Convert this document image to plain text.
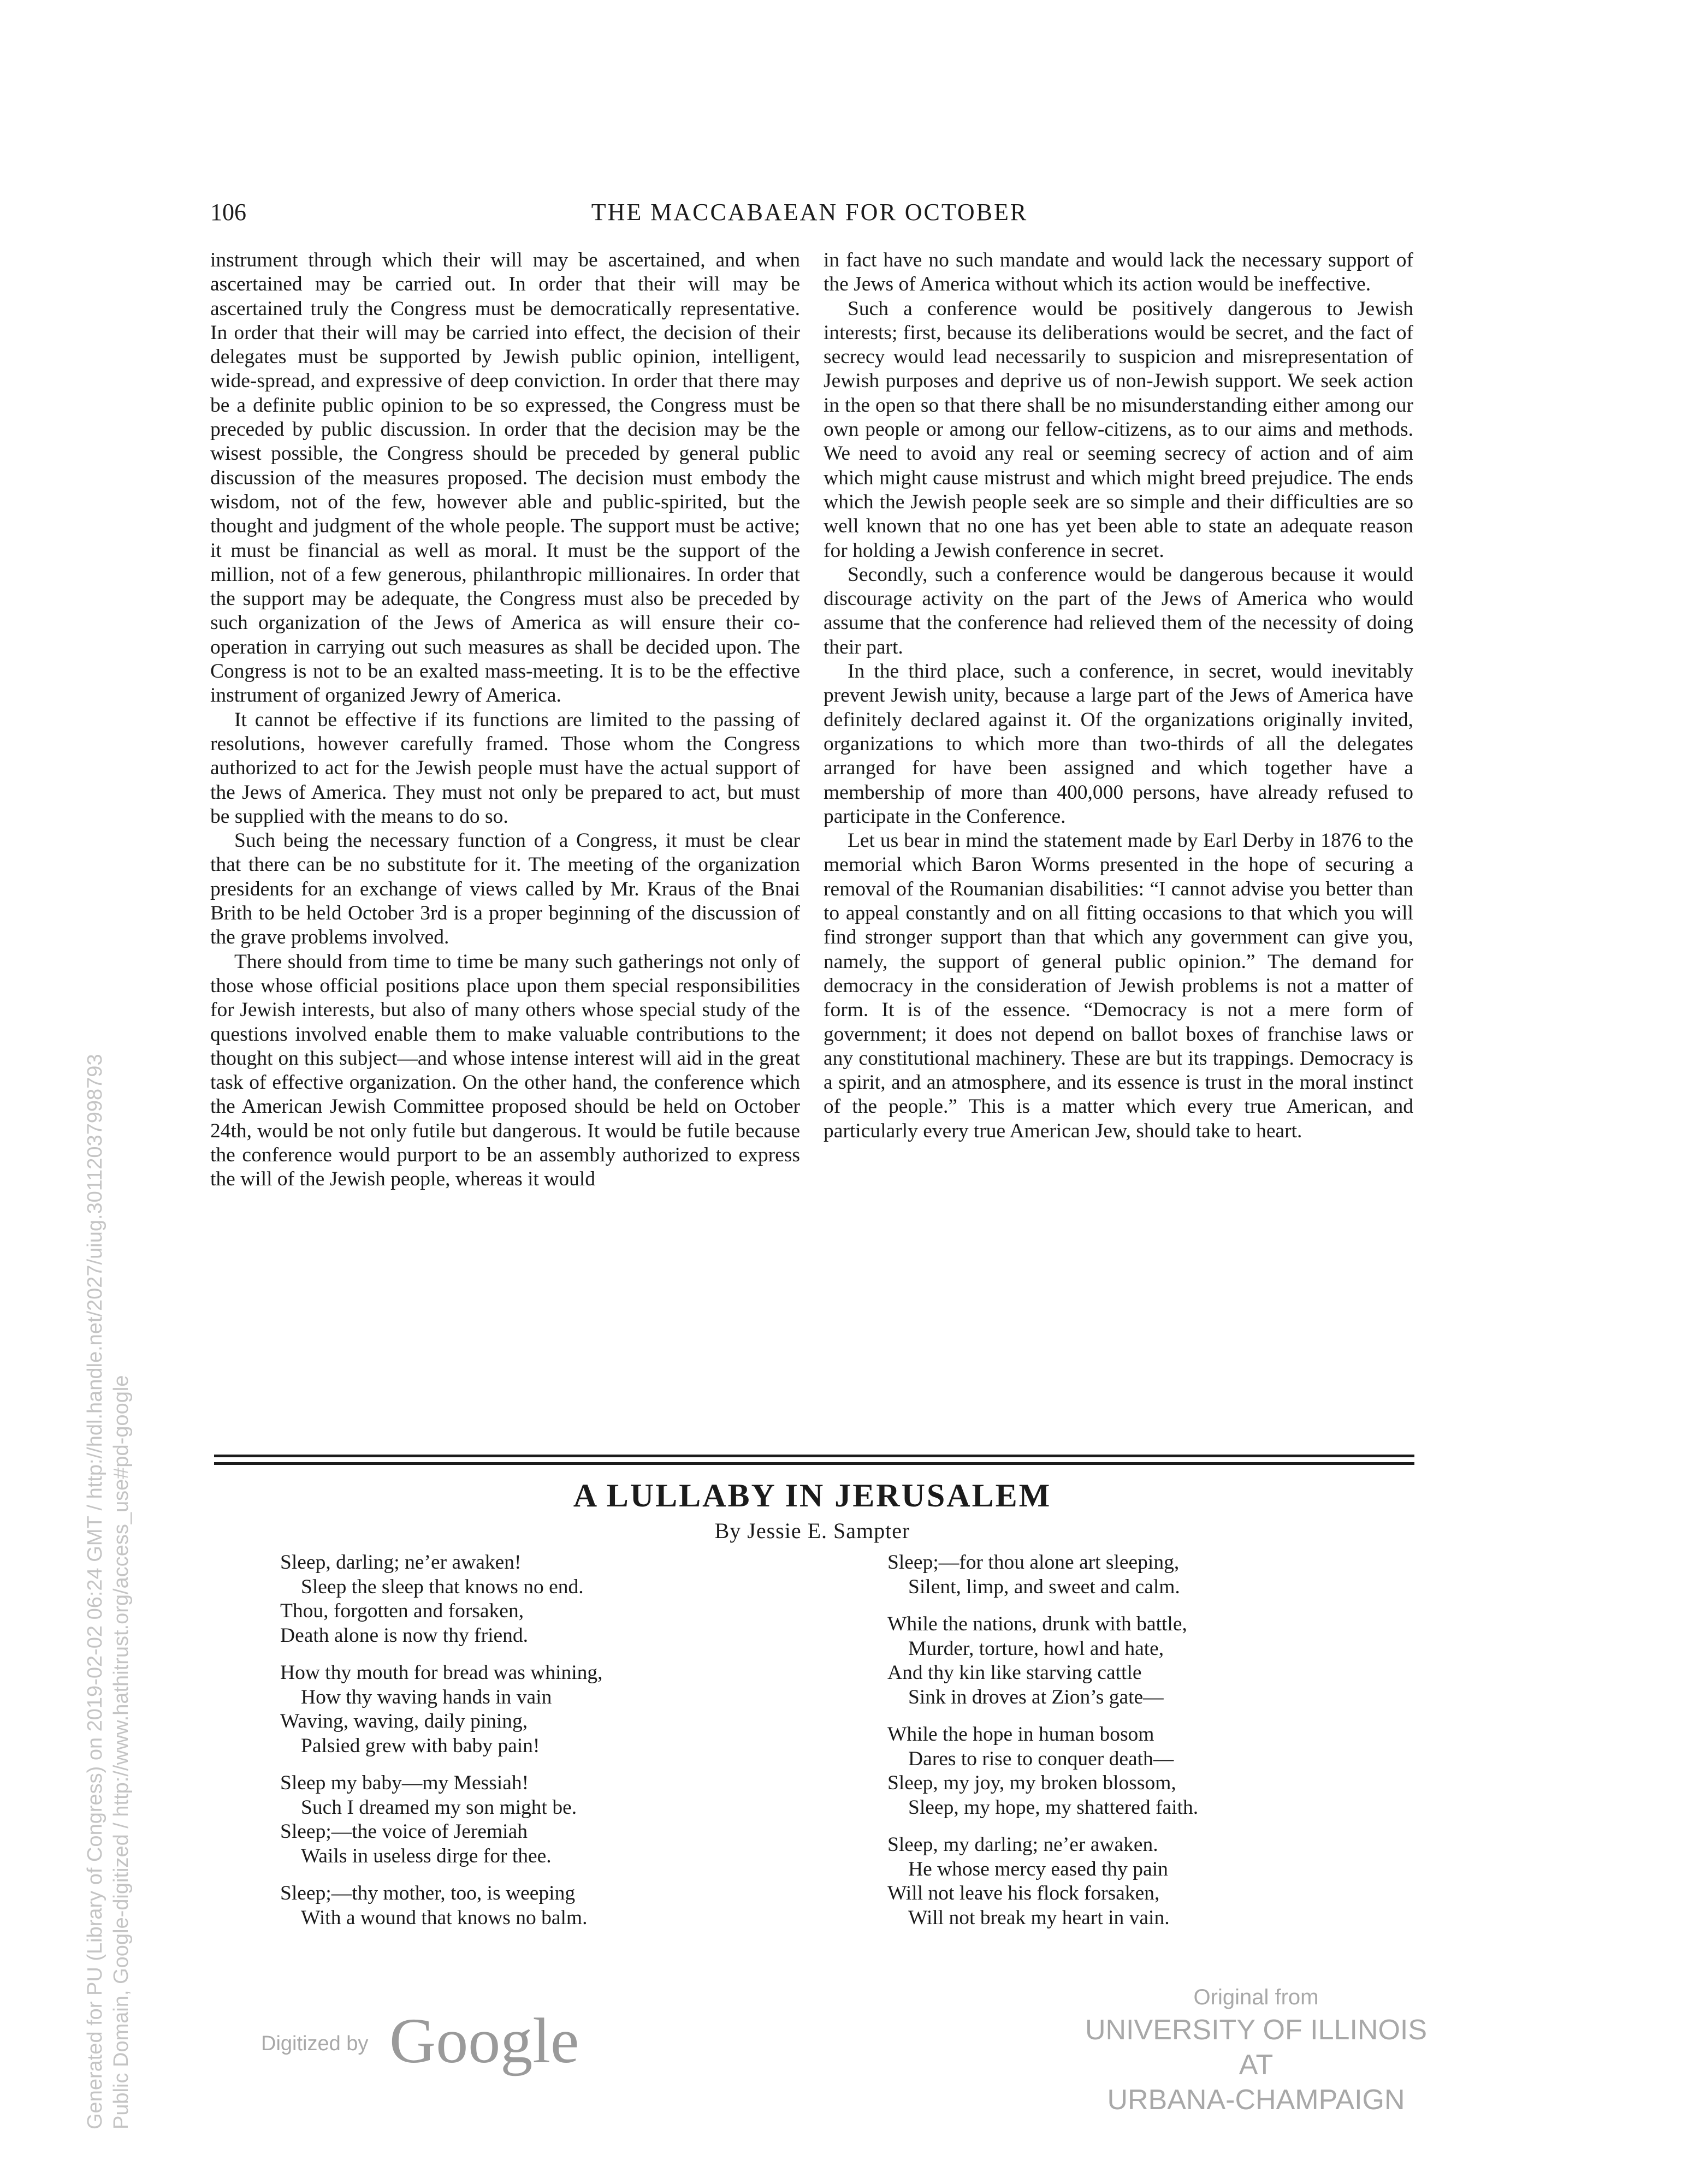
106	THE MACCABAEAN FOR OCTOBER

instrument through which their will may be ascertained, and when ascertained may be carried out. In order that their will may be ascertained truly the Congress must be democratically representative. In order that their will may be carried into effect, the decision of their delegates must be supported by Jewish public opinion, intelligent, wide-spread, and expressive of deep conviction. In order that there may be a definite public opinion to be so expressed, the Congress must be preceded by public discussion. In order that the decision may be the wisest possible, the Congress should be preceded by general public discussion of the measures proposed. The decision must embody the wisdom, not of the few, however able and public-spirited, but the thought and judgment of the whole people. The support must be active; it must be financial as well as moral. It must be the support of the million, not of a few generous, philanthropic millionaires. In order that the support may be adequate, the Congress must also be preceded by such organization of the Jews of America as will ensure their co-operation in carrying out such measures as shall be decided upon. The Congress is not to be an exalted mass-meeting. It is to be the effective instrument of organized Jewry of America.

It cannot be effective if its functions are limited to the passing of resolutions, however carefully framed. Those whom the Congress authorized to act for the Jewish people must have the actual support of the Jews of America. They must not only be prepared to act, but must be supplied with the means to do so.

Such being the necessary function of a Congress, it must be clear that there can be no substitute for it. The meeting of the organization presidents for an exchange of views called by Mr. Kraus of the Bnai Brith to be held October 3rd is a proper beginning of the discussion of the grave problems involved.

There should from time to time be many such gatherings not only of those whose official positions place upon them special responsibilities for Jewish interests, but also of many others whose special study of the questions involved enable them to make valuable contributions to the thought on this subject—and whose intense interest will aid in the great task of effective organization. On the other hand, the conference which the American Jewish Committee proposed should be held on October 24th, would be not only futile but dangerous. It would be futile because the conference would purport to be an assembly authorized to express the will of the Jewish people, whereas it would

in fact have no such mandate and would lack the necessary support of the Jews of America without which its action would be ineffective.

Such a conference would be positively dangerous to Jewish interests; first, because its deliberations would be secret, and the fact of secrecy would lead necessarily to suspicion and misrepresentation of Jewish purposes and deprive us of non-Jewish support. We seek action in the open so that there shall be no misunderstanding either among our own people or among our fellow-citizens, as to our aims and methods. We need to avoid any real or seeming secrecy of action and of aim which might cause mistrust and which might breed prejudice. The ends which the Jewish people seek are so simple and their difficulties are so well known that no one has yet been able to state an adequate reason for holding a Jewish conference in secret.

Secondly, such a conference would be dangerous because it would discourage activity on the part of the Jews of America who would assume that the conference had relieved them of the necessity of doing their part.

In the third place, such a conference, in secret, would inevitably prevent Jewish unity, because a large part of the Jews of America have definitely declared against it. Of the organizations originally invited, organizations to which more than two-thirds of all the delegates arranged for have been assigned and which together have a membership of more than 400,000 persons, have already refused to participate in the Conference.

Let us bear in mind the statement made by Earl Derby in 1876 to the memorial which Baron Worms presented in the hope of securing a removal of the Roumanian disabilities: “I cannot advise you better than to appeal constantly and on all fitting occasions to that which you will find stronger support than that which any government can give you, namely, the support of general public opinion.” The demand for democracy in the consideration of Jewish problems is not a matter of form. It is of the essence. “Democracy is not a mere form of government; it does not depend on ballot boxes of franchise laws or any constitutional machinery. These are but its trappings. Democracy is a spirit, and an atmosphere, and its essence is trust in the moral instinct of the people.” This is a matter which every true American, and particularly every true American Jew, should take to heart.

A LULLABY IN JERUSALEM
By Jessie E. Sampter
Sleep, darling; ne’er awaken!
Sleep the sleep that knows no end.
Thou, forgotten and forsaken,
Death alone is now thy friend.
How thy mouth for bread was whining,
How thy waving hands in vain
Waving, waving, daily pining,
Palsied grew with baby pain!
Sleep my baby—my Messiah!
Such I dreamed my son might be.
Sleep;—the voice of Jeremiah
Wails in useless dirge for thee.
Sleep;—thy mother, too, is weeping
With a wound that knows no balm.
Sleep;—for thou alone art sleeping,
Silent, limp, and sweet and calm.
While the nations, drunk with battle,
Murder, torture, howl and hate,
And thy kin like starving cattle
Sink in droves at Zion’s gate—
While the hope in human bosom
Dares to rise to conquer death—
Sleep, my joy, my broken blossom,
Sleep, my hope, my shattered faith.
Sleep, my darling; ne’er awaken.
He whose mercy eased thy pain
Will not leave his flock forsaken,
Will not break my heart in vain.
Generated for PU (Library of Congress) on 2019-02-02 06:24 GMT / http://hdl.handle.net/2027/uiug.30112037998793 Public Domain, Google-digitized / http://www.hathitrust.org/access_use#pd-google	Digitized by Google
Original from
UNIVERSITY OF ILLINOIS AT
URBANA-CHAMPAIGN
